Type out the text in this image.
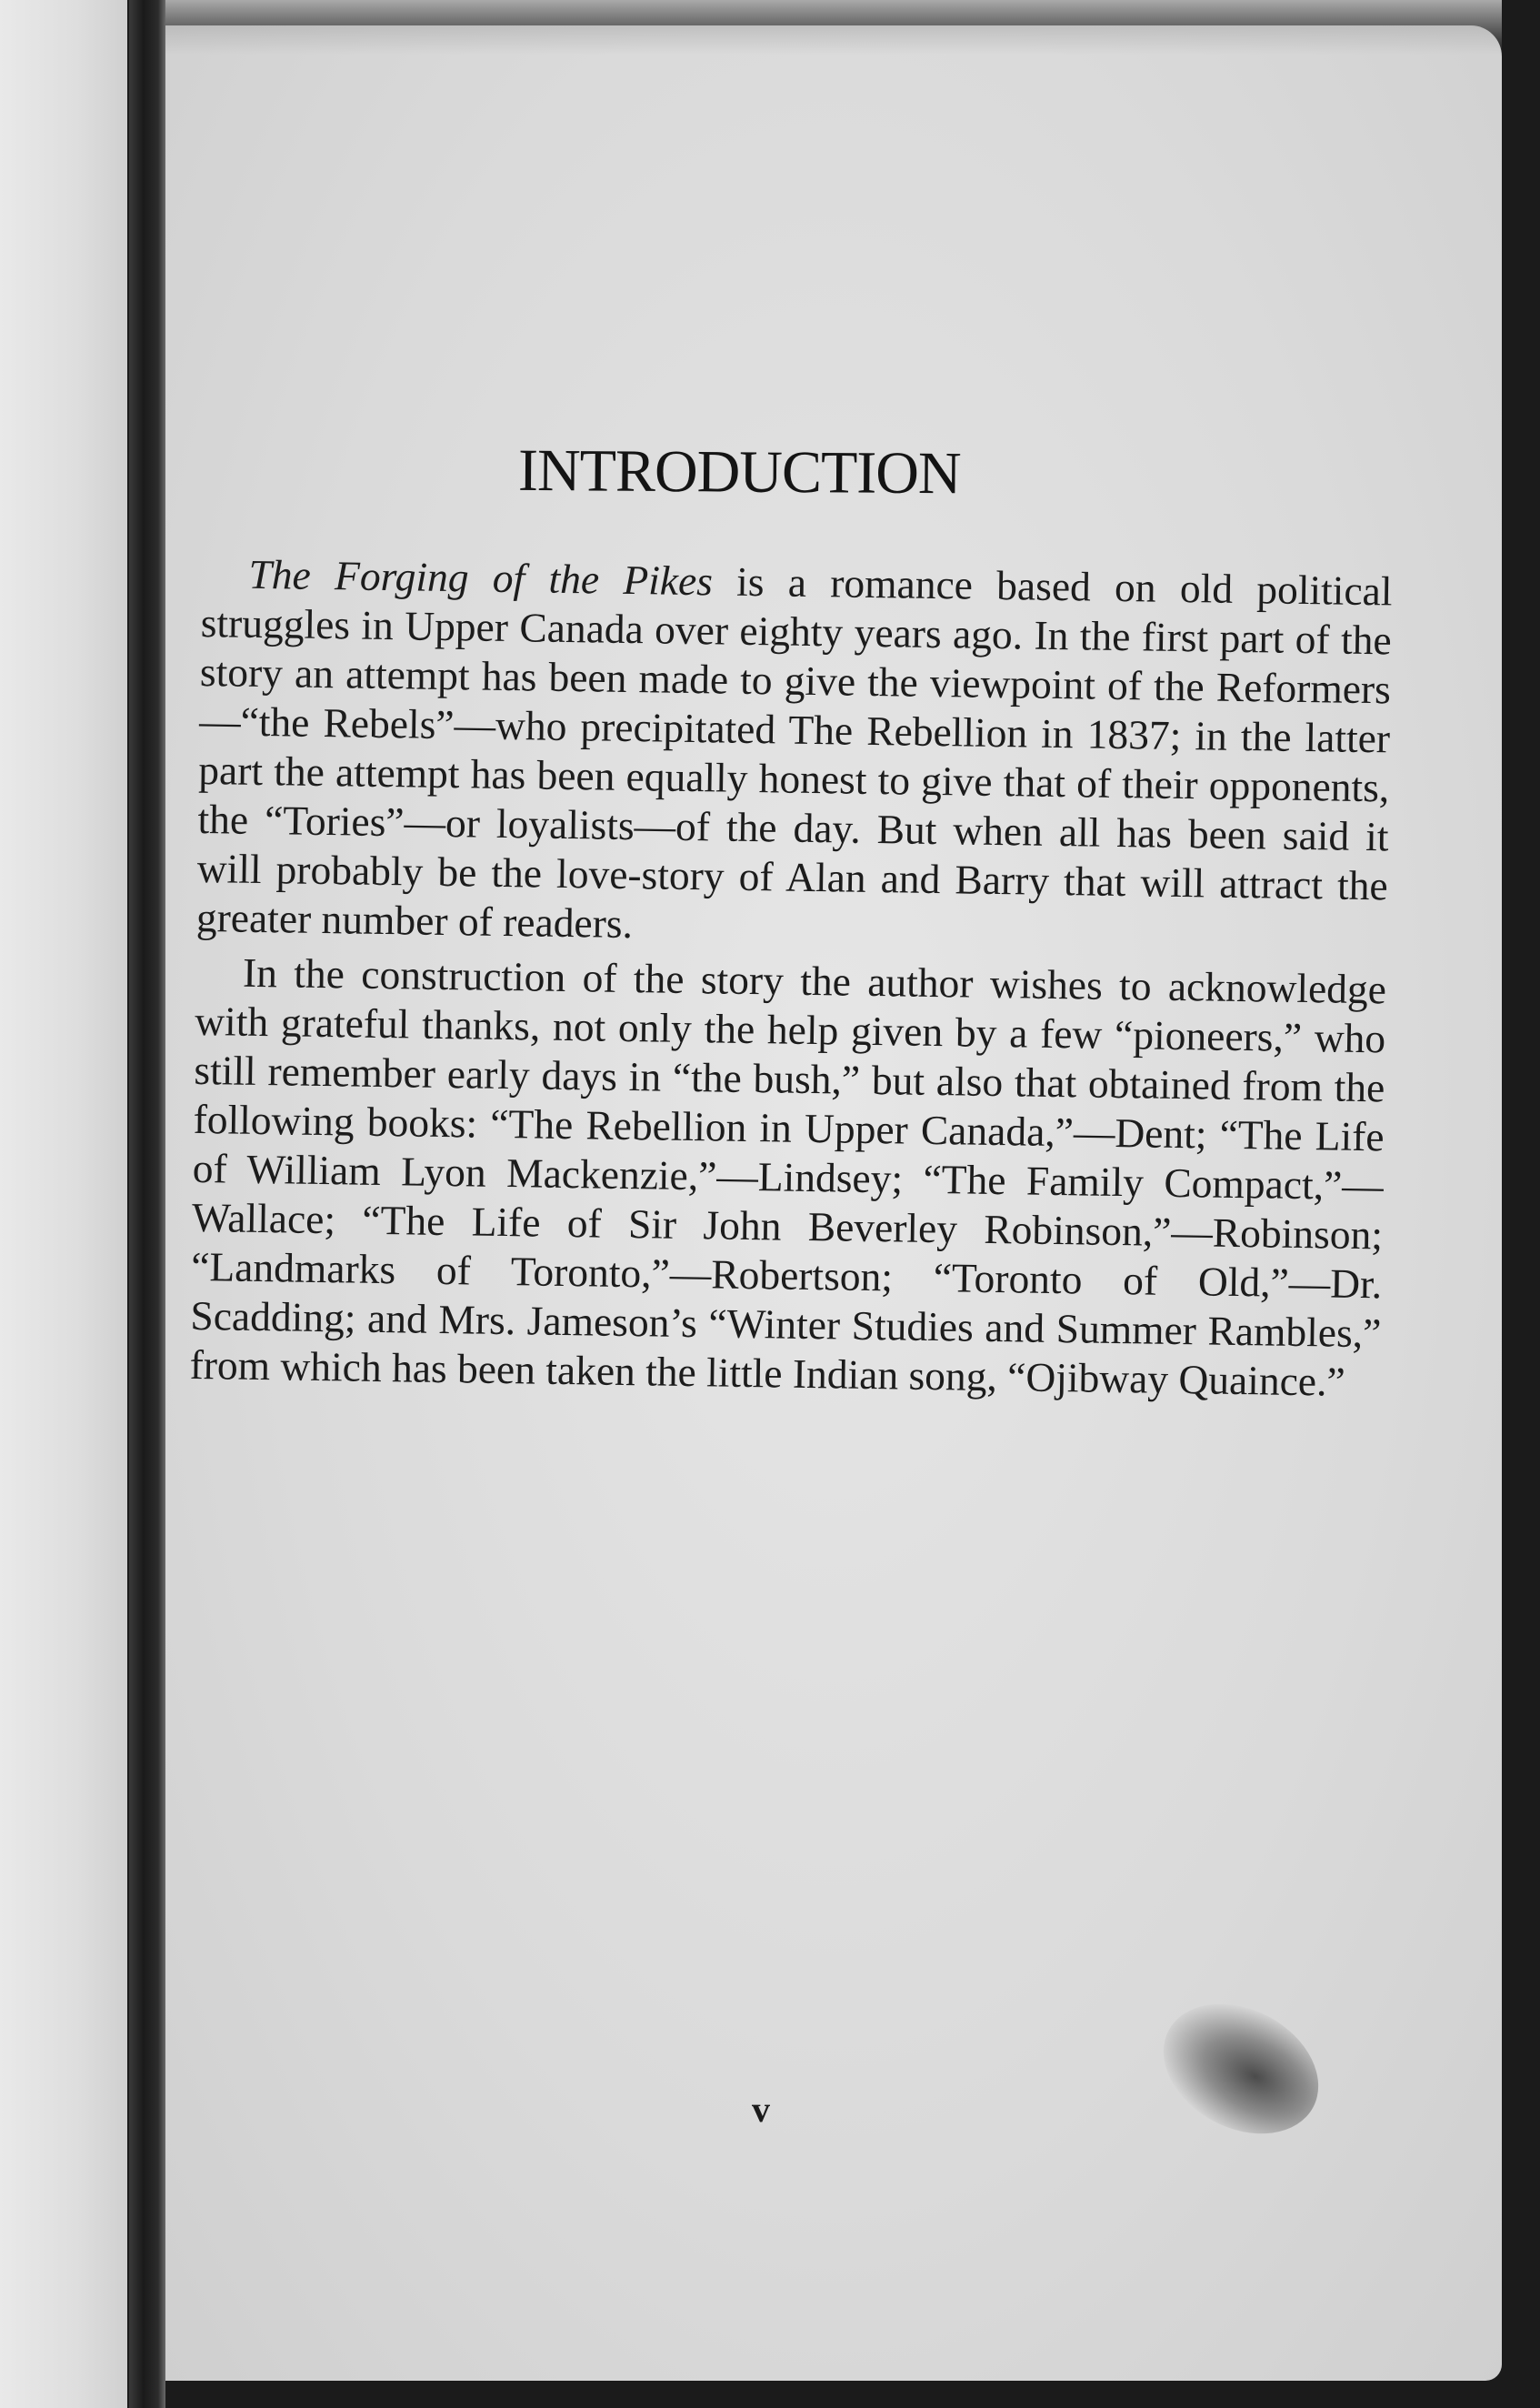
INTRODUCTION

The Forging of the Pikes is a romance based on old political struggles in Upper Canada over eighty years ago. In the first part of the story an attempt has been made to give the viewpoint of the Reformers—“the Rebels”—who precipitated The Rebellion in 1837; in the latter part the attempt has been equally honest to give that of their opponents, the “Tories”—or loyalists—of the day. But when all has been said it will probably be the love-story of Alan and Barry that will attract the greater number of readers.

In the construction of the story the author wishes to acknowledge with grateful thanks, not only the help given by a few “pioneers,” who still remember early days in “the bush,” but also that obtained from the following books: “The Rebellion in Upper Canada,”—Dent; “The Life of William Lyon Mackenzie,”—Lindsey; “The Family Compact,”—Wallace; “The Life of Sir John Beverley Robinson,”—Robinson; “Landmarks of Toronto,”—Robertson; “Toronto of Old,”—Dr. Scadding; and Mrs. Jameson’s “Winter Studies and Summer Rambles,” from which has been taken the little Indian song, “Ojibway Quaince.”

v
